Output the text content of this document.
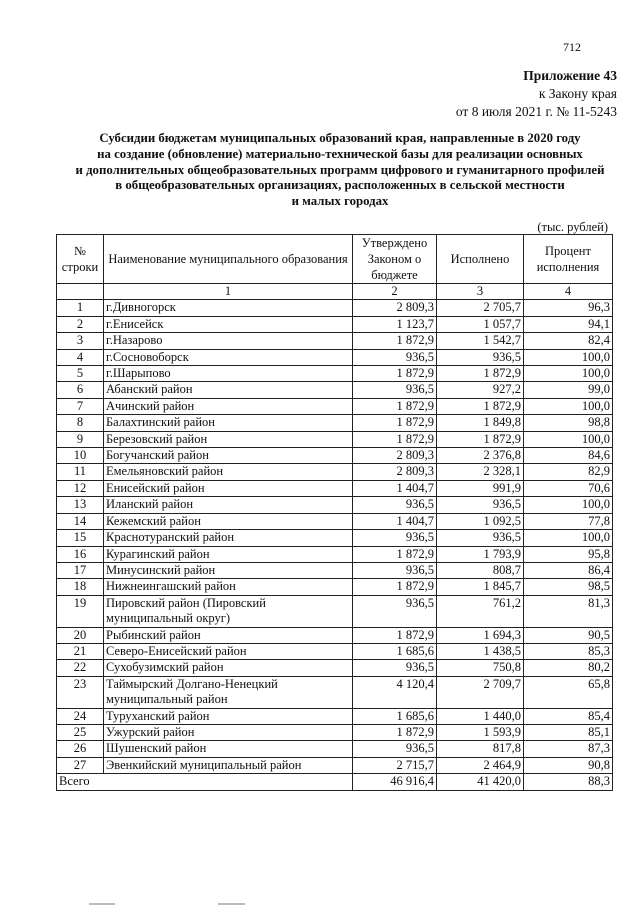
712
Приложение 43
к Закону края
от 8 июля 2021 г. № 11-5243
Субсидии бюджетам муниципальных образований края, направленные в 2020 году
на создание (обновление) материально-технической базы для реализации основных
и дополнительных общеобразовательных программ цифрового и гуманитарного профилей
в общеобразовательных организациях, расположенных в сельской местности
и малых городах
(тыс. рублей)
№ строки	Наименование муниципального образования	Утверждено Законом о бюджете	Исполнено	Процент исполнения
	1	2	3	4
1	г.Дивногорск	2 809,3	2 705,7	96,3
2	г.Енисейск	1 123,7	1 057,7	94,1
3	г.Назарово	1 872,9	1 542,7	82,4
4	г.Сосновоборск	936,5	936,5	100,0
5	г.Шарыпово	1 872,9	1 872,9	100,0
6	Абанский район	936,5	927,2	99,0
7	Ачинский район	1 872,9	1 872,9	100,0
8	Балахтинский район	1 872,9	1 849,8	98,8
9	Березовский район	1 872,9	1 872,9	100,0
10	Богучанский район	2 809,3	2 376,8	84,6
11	Емельяновский район	2 809,3	2 328,1	82,9
12	Енисейский район	1 404,7	991,9	70,6
13	Иланский район	936,5	936,5	100,0
14	Кежемский район	1 404,7	1 092,5	77,8
15	Краснотуранский район	936,5	936,5	100,0
16	Курагинский район	1 872,9	1 793,9	95,8
17	Минусинский район	936,5	808,7	86,4
18	Нижнеингашский район	1 872,9	1 845,7	98,5
19	Пировский район (Пировский муниципальный округ)	936,5	761,2	81,3
20	Рыбинский район	1 872,9	1 694,3	90,5
21	Северо-Енисейский район	1 685,6	1 438,5	85,3
22	Сухобузимский район	936,5	750,8	80,2
23	Таймырский Долгано-Ненецкий муниципальный район	4 120,4	2 709,7	65,8
24	Туруханский район	1 685,6	1 440,0	85,4
25	Ужурский район	1 872,9	1 593,9	85,1
26	Шушенский район	936,5	817,8	87,3
27	Эвенкийский муниципальный район	2 715,7	2 464,9	90,8
Всего		46 916,4	41 420,0	88,3
